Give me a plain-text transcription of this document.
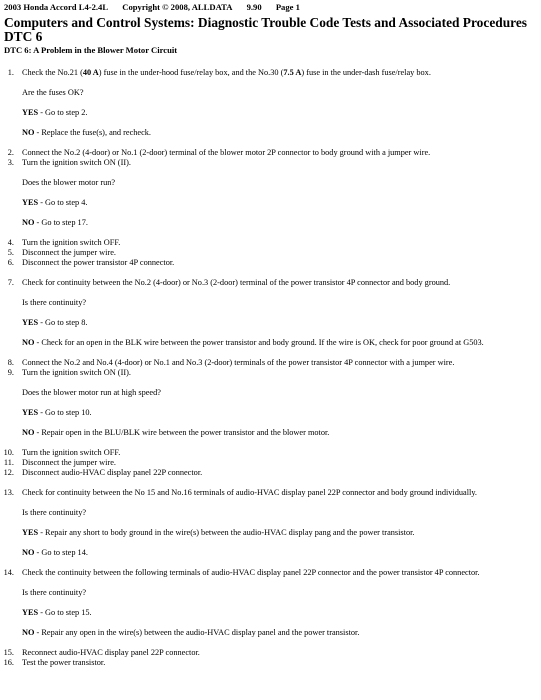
2003 Honda Accord L4-2.4L Copyright © 2008, ALLDATA 9.90 Page 1
Computers and Control Systems: Diagnostic Trouble Code Tests and Associated Procedures
DTC 6
DTC 6: A Problem in the Blower Motor Circuit
1. Check the No.21 (40 A) fuse in the under-hood fuse/relay box, and the No.30 (7.5 A) fuse in the under-dash fuse/relay box.
Are the fuses OK?
YES - Go to step 2.
NO - Replace the fuse(s), and recheck.
2. Connect the No.2 (4-door) or No.1 (2-door) terminal of the blower motor 2P connector to body ground with a jumper wire.
3. Turn the ignition switch ON (II).
Does the blower motor run?
YES - Go to step 4.
NO - Go to step 17.
4. Turn the ignition switch OFF.
5. Disconnect the jumper wire.
6. Disconnect the power transistor 4P connector.
7. Check for continuity between the No.2 (4-door) or No.3 (2-door) terminal of the power transistor 4P connector and body ground.
Is there continuity?
YES - Go to step 8.
NO - Check for an open in the BLK wire between the power transistor and body ground. If the wire is OK, check for poor ground at G503.
8. Connect the No.2 and No.4 (4-door) or No.1 and No.3 (2-door) terminals of the power transistor 4P connector with a jumper wire.
9. Turn the ignition switch ON (II).
Does the blower motor run at high speed?
YES - Go to step 10.
NO - Repair open in the BLU/BLK wire between the power transistor and the blower motor.
10. Turn the ignition switch OFF.
11. Disconnect the jumper wire.
12. Disconnect audio-HVAC display panel 22P connector.
13. Check for continuity between the No 15 and No.16 terminals of audio-HVAC display panel 22P connector and body ground individually.
Is there continuity?
YES - Repair any short to body ground in the wire(s) between the audio-HVAC display pang and the power transistor.
NO - Go to step 14.
14. Check the continuity between the following terminals of audio-HVAC display panel 22P connector and the power transistor 4P connector.
Is there continuity?
YES - Go to step 15.
NO - Repair any open in the wire(s) between the audio-HVAC display panel and the power transistor.
15. Reconnect audio-HVAC display panel 22P connector.
16. Test the power transistor.
